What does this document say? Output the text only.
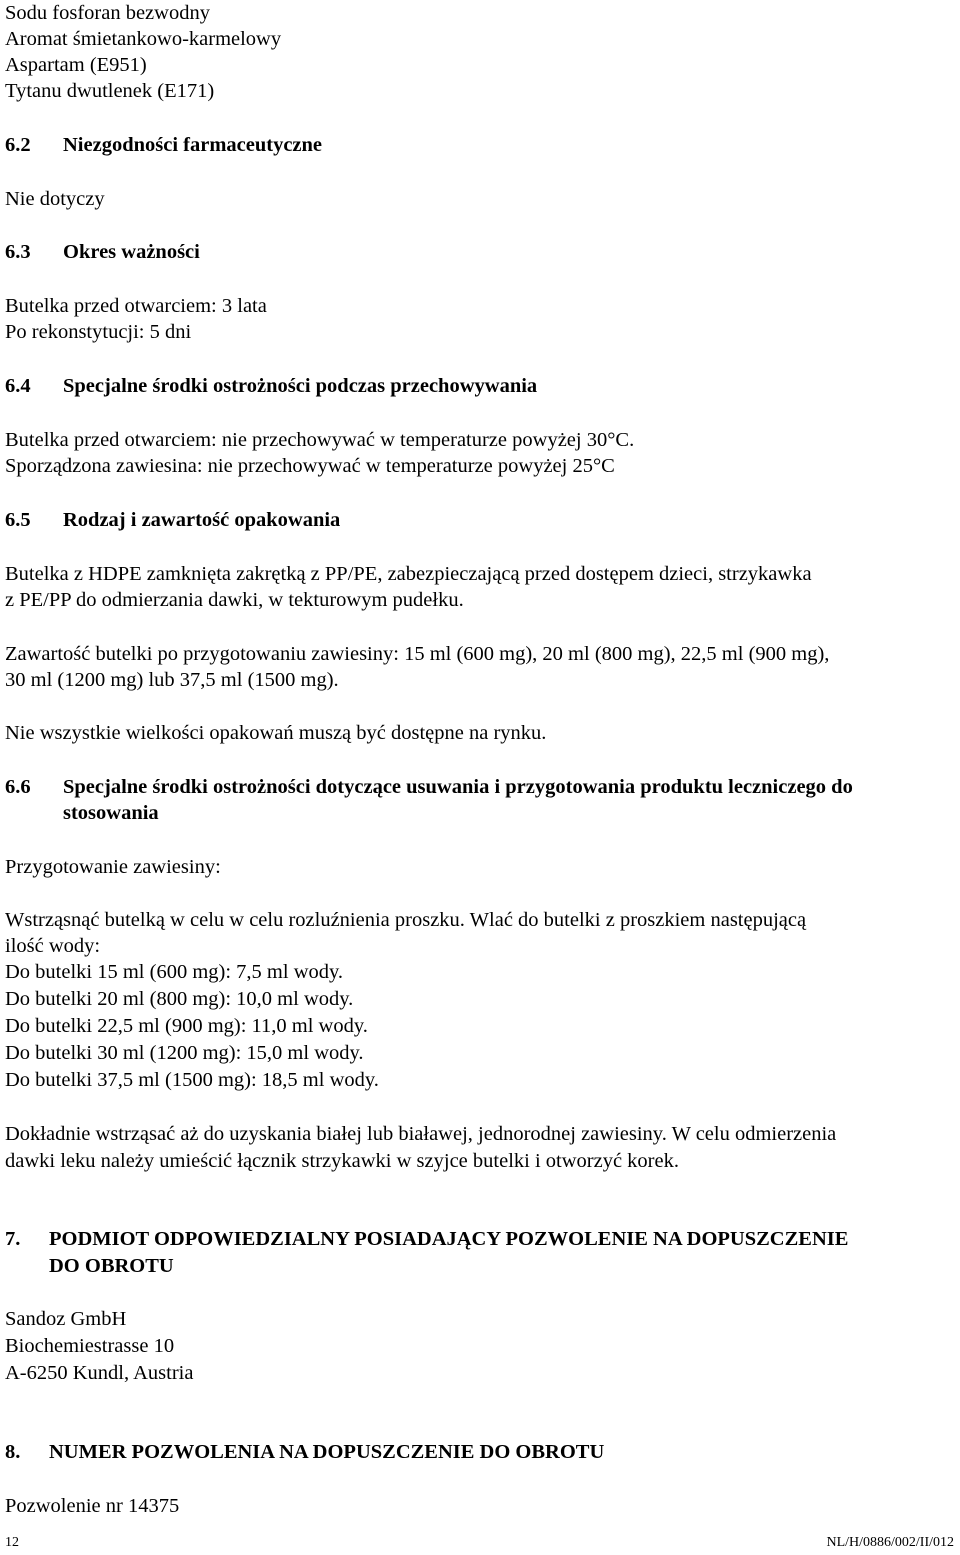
Sodu fosforan bezwodny
Aromat śmietankowo-karmelowy
Aspartam (E951)
Tytanu dwutlenek (E171)
6.2 Niezgodności farmaceutyczne
Nie dotyczy
6.3 Okres ważności
Butelka przed otwarciem: 3 lata
Po rekonstytucji: 5 dni
6.4 Specjalne środki ostrożności podczas przechowywania
Butelka przed otwarciem: nie przechowywać w temperaturze powyżej 30°C.
Sporządzona zawiesina: nie przechowywać w temperaturze powyżej 25°C
6.5 Rodzaj i zawartość opakowania
Butelka z HDPE zamknięta zakrętką z PP/PE, zabezpieczającą przed dostępem dzieci, strzykawka
z PE/PP do odmierzania dawki, w tekturowym pudełku.
Zawartość butelki po przygotowaniu zawiesiny: 15 ml (600 mg), 20 ml (800 mg), 22,5 ml (900 mg),
30 ml (1200 mg) lub 37,5 ml (1500 mg).
Nie wszystkie wielkości opakowań muszą być dostępne na rynku.
6.6 Specjalne środki ostrożności dotyczące usuwania i przygotowania produktu leczniczego do
stosowania
Przygotowanie zawiesiny:
Wstrząsnąć butelką w celu w celu rozluźnienia proszku. Wlać do butelki z proszkiem następującą
ilość wody:
Do butelki 15 ml (600 mg): 7,5 ml wody.
Do butelki 20 ml (800 mg): 10,0 ml wody.
Do butelki 22,5 ml (900 mg): 11,0 ml wody.
Do butelki 30 ml (1200 mg): 15,0 ml wody.
Do butelki 37,5 ml (1500 mg): 18,5 ml wody.
Dokładnie wstrząsać aż do uzyskania białej lub białawej, jednorodnej zawiesiny. W celu odmierzenia
dawki leku należy umieścić łącznik strzykawki w szyjce butelki i otworzyć korek.
7. PODMIOT ODPOWIEDZIALNY POSIADAJĄCY POZWOLENIE NA DOPUSZCZENIE
DO OBROTU
Sandoz GmbH
Biochemiestrasse 10
A-6250 Kundl, Austria
8. NUMER POZWOLENIA NA DOPUSZCZENIE DO OBROTU
Pozwolenie nr 14375
12	NL/H/0886/002/II/012
